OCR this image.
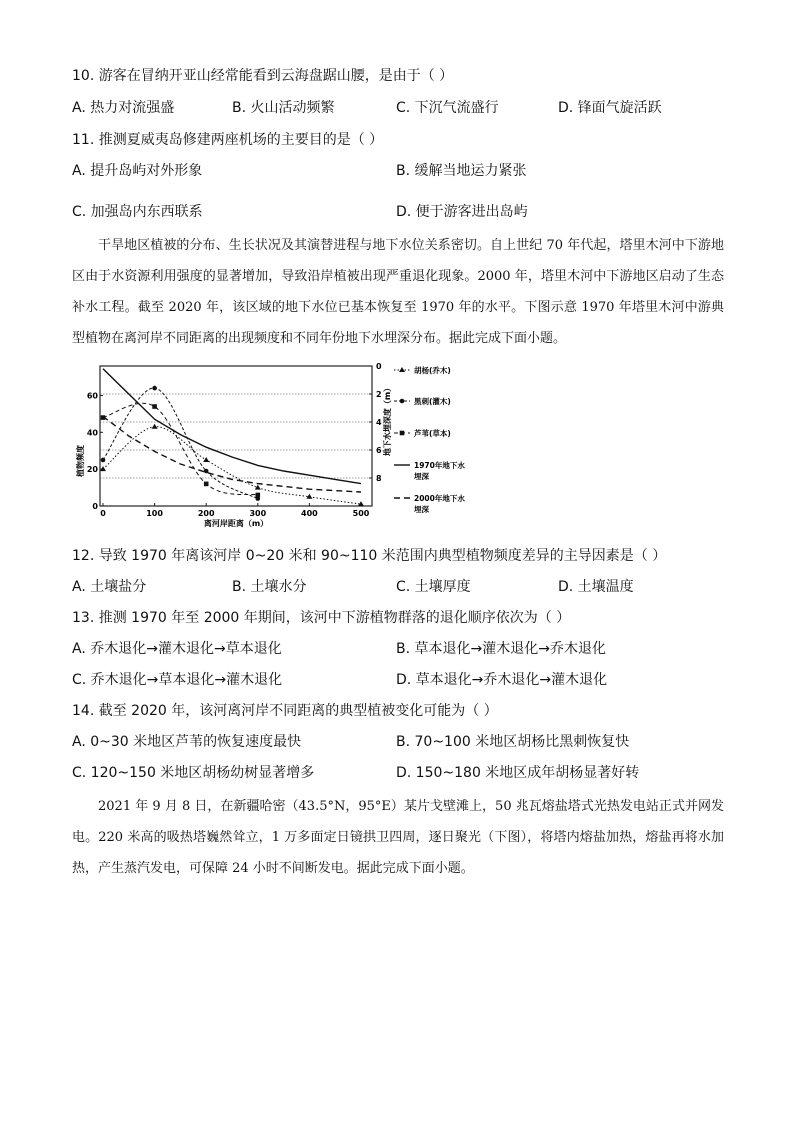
10. 游客在冒纳开亚山经常能看到云海盘踞山腰，是由于（ ）
A. 热力对流强盛	B. 火山活动频繁	C. 下沉气流盛行	D. 锋面气旋活跃
11. 推测夏威夷岛修建两座机场的主要目的是（ ）
A. 提升岛屿对外形象	B. 缓解当地运力紧张
C. 加强岛内东西联系	D. 便于游客进出岛屿
干旱地区植被的分布、生长状况及其演替进程与地下水位关系密切。自上世纪 70 年代起，塔里木河中下游地区由于水资源利用强度的显著增加，导致沿岸植被出现严重退化现象。2000 年，塔里木河中下游地区启动了生态补水工程。截至 2020 年，该区域的地下水位已基本恢复至 1970 年的水平。下图示意 1970 年塔里木河中游典型植物在离河岸不同距离的出现频度和不同年份地下水埋深分布。据此完成下面小题。
0
20
40
60
0
2
4
6
8
0	100	200	300	400	500
胡杨(乔木)
黑刺(灌木)
芦苇(草本)
1970年地下水
埋深
2000年地下水
埋深
离河岸距离（m）
植物频度
地下水埋深度（m）
12. 导致 1970 年离该河岸 0~20 米和 90~110 米范围内典型植物频度差异的主导因素是（ ）
A. 土壤盐分	B. 土壤水分	C. 土壤厚度	D. 土壤温度
13. 推测 1970 年至 2000 年期间，该河中下游植物群落的退化顺序依次为（ ）
A. 乔木退化→灌木退化→草本退化	B. 草本退化→灌木退化→乔木退化
C. 乔木退化→草本退化→灌木退化	D. 草本退化→乔木退化→灌木退化
14. 截至 2020 年，该河离河岸不同距离的典型植被变化可能为（ ）
A. 0~30 米地区芦苇的恢复速度最快	B. 70~100 米地区胡杨比黑刺恢复快
C. 120~150 米地区胡杨幼树显著增多	D. 150~180 米地区成年胡杨显著好转
2021 年 9 月 8 日，在新疆哈密（43.5°N，95°E）某片戈壁滩上，50 兆瓦熔盐塔式光热发电站正式并网发电。220 米高的吸热塔巍然耸立，1 万多面定日镜拱卫四周，逐日聚光（下图），将塔内熔盐加热，熔盐再将水加热，产生蒸汽发电，可保障 24 小时不间断发电。据此完成下面小题。
